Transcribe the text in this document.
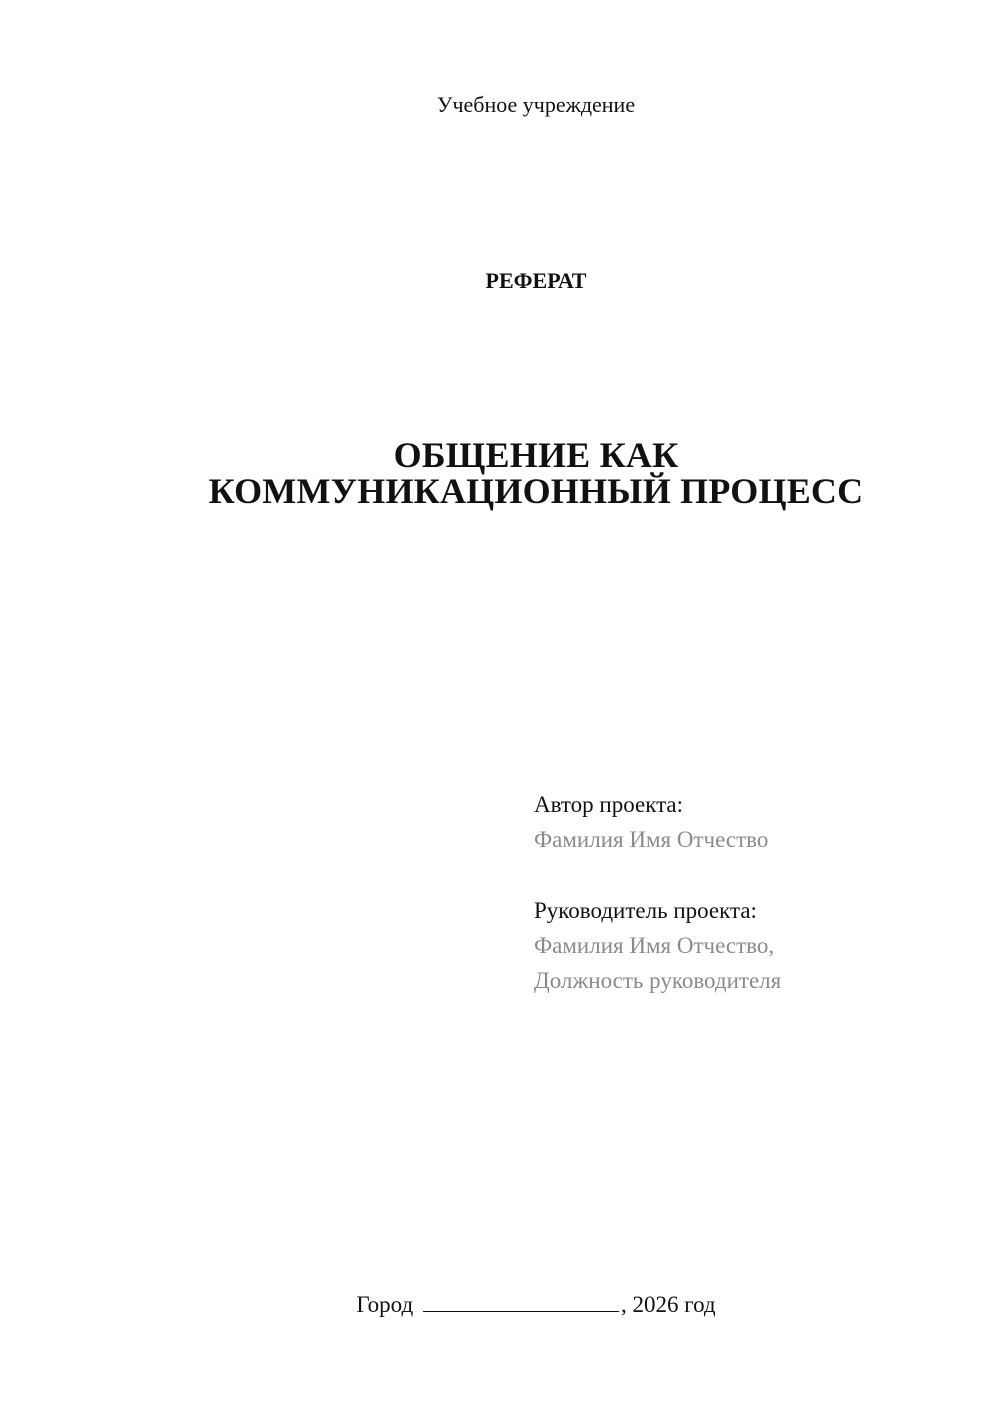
Учебное учреждение
РЕФЕРАТ
ОБЩЕНИЕ КАК
КОММУНИКАЦИОННЫЙ ПРОЦЕСС
Автор проекта:
Фамилия Имя Отчество
Руководитель проекта:
Фамилия Имя Отчество,
Должность руководителя
Город	, 2026 год
